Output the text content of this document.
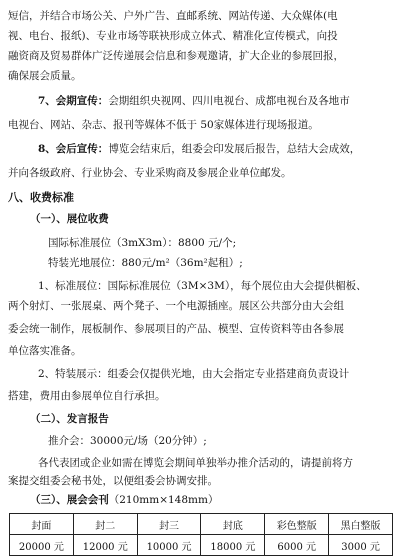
短信，并结合市场公关、户外广告、直邮系统、网站传递、大众媒体(电
视、电台、报纸)、专业市场等联袂形成立体式、精准化宣传模式，向投
融资商及贸易群体广泛传递展会信息和参观邀请，扩大企业的参展回报，
确保展会质量。
7、会期宣传：会期组织央视网、四川电视台、成都电视台及各地市
电视台、网站、杂志、报刊等媒体不低于 50家媒体进行现场报道。
8、会后宣传：博览会结束后，组委会印发展后报告，总结大会成效，
并向各级政府、行业协会、专业采购商及参展企业单位邮发。
八、收费标准
（一）、展位收费
国际标准展位（3mX3m）：8800 元/个;
特装光地展位：880元/m²（36m²起租）;
1、标准展位：国际标准展位（3M×3M），每个展位由大会提供楣板、
两个射灯、一张展桌、两个凳子、一个电源插座。展区公共部分由大会组
委会统一制作，展板制作、参展项目的产品、模型、宣传资料等由各参展
单位落实准备。
2、特装展示：组委会仅提供光地，由大会指定专业搭建商负责设计
搭建，费用由参展单位自行承担。
（二）、发言报告
推介会：30000元/场（20分钟）;
各代表团或企业如需在博览会期间单独举办推介活动的，请提前将方
案提交组委会秘书处，以便组委会协调安排。
（三）、展会会刊（210mm×148mm）
封面	封二	封三	封底	彩色整版	黑白整版
20000 元	12000 元	10000 元	18000 元	6000 元	3000 元
